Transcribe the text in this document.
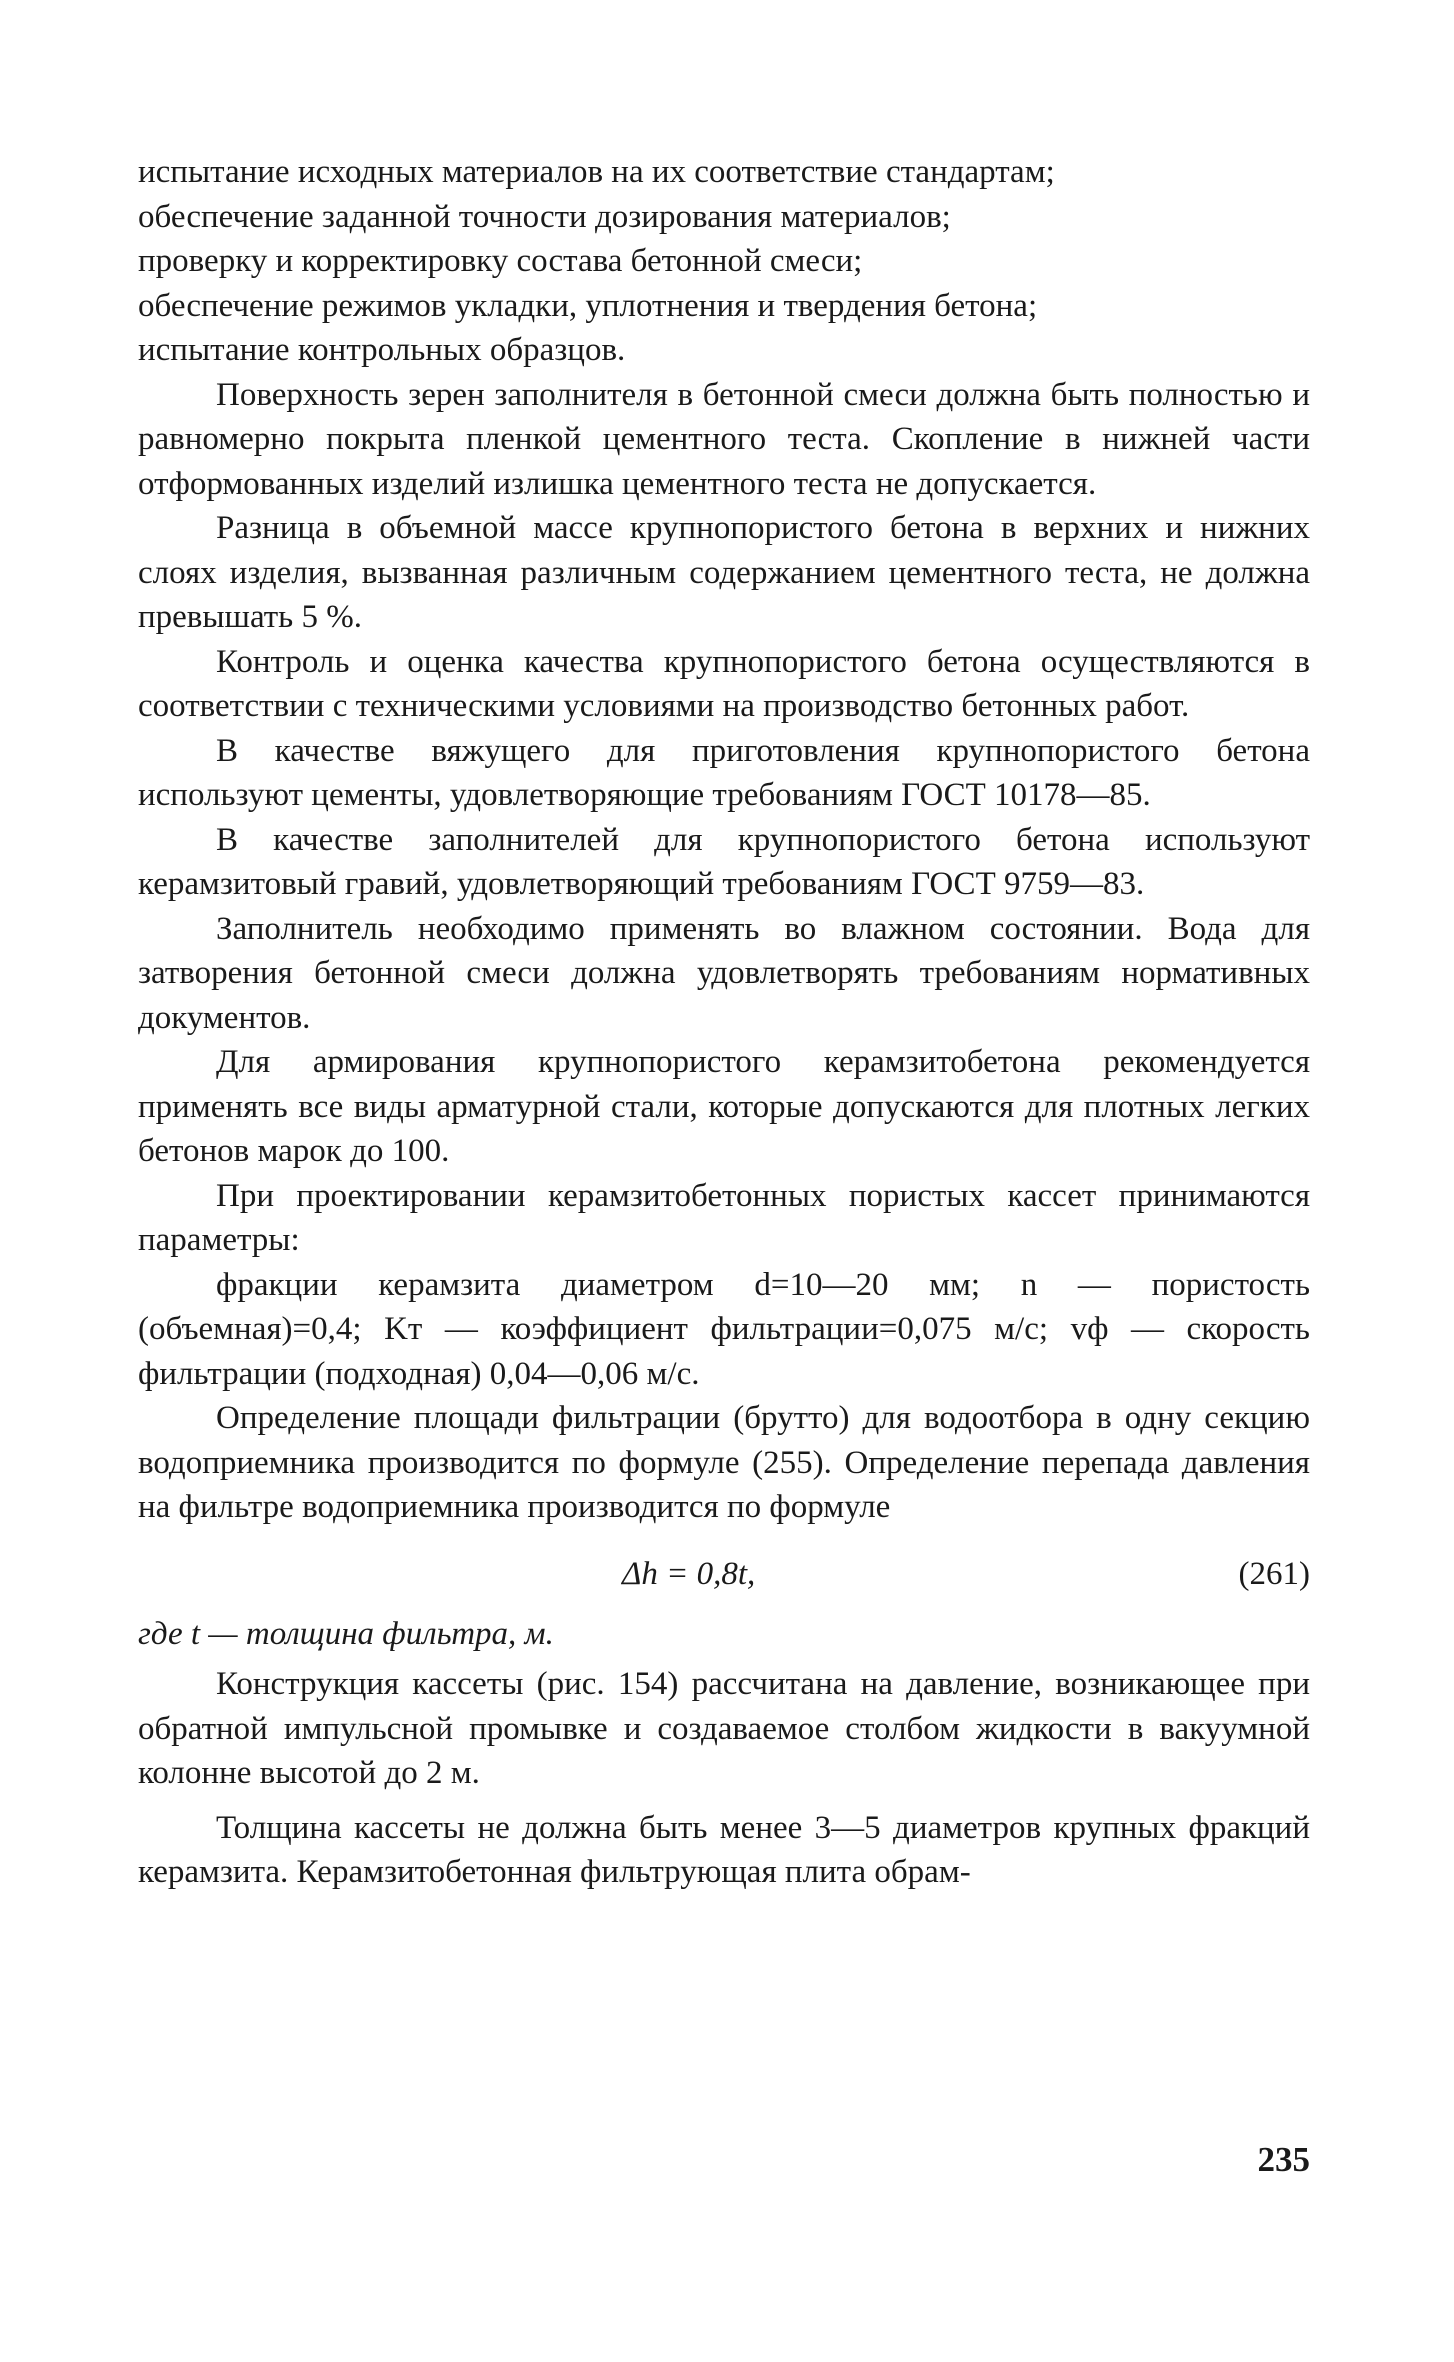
испытание исходных материалов на их соответствие стандартам;

обеспечение заданной точности дозирования материалов;

проверку и корректировку состава бетонной смеси;

обеспечение режимов укладки, уплотнения и твердения бетона;

испытание контрольных образцов.

Поверхность зерен заполнителя в бетонной смеси должна быть полностью и равномерно покрыта пленкой цементного теста. Скопление в нижней части отформованных изделий излишка цементного теста не допускается.

Разница в объемной массе крупнопористого бетона в верхних и нижних слоях изделия, вызванная различным содержанием цементного теста, не должна превышать 5 %.

Контроль и оценка качества крупнопористого бетона осуществляются в соответствии с техническими условиями на производство бетонных работ.

В качестве вяжущего для приготовления крупнопористого бетона используют цементы, удовлетворяющие требованиям ГОСТ 10178—85.

В качестве заполнителей для крупнопористого бетона используют керамзитовый гравий, удовлетворяющий требованиям ГОСТ 9759—83.

Заполнитель необходимо применять во влажном состоянии. Вода для затворения бетонной смеси должна удовлетворять требованиям нормативных документов.

Для армирования крупнопористого керамзитобетона рекомендуется применять все виды арматурной стали, которые допускаются для плотных легких бетонов марок до 100.

При проектировании керамзитобетонных пористых кассет принимаются параметры:

фракции керамзита диаметром d=10—20 мм; n — пористость (объемная)=0,4; Kт — коэффициент фильтрации=0,075 м/с; vф — скорость фильтрации (подходная) 0,04—0,06 м/с.

Определение площади фильтрации (брутто) для водоотбора в одну секцию водоприемника производится по формуле (255). Определение перепада давления на фильтре водоприемника производится по формуле

Δh = 0,8t,	(261)

где t — толщина фильтра, м.

Конструкция кассеты (рис. 154) рассчитана на давление, возникающее при обратной импульсной промывке и создаваемое столбом жидкости в вакуумной колонне высотой до 2 м.

Толщина кассеты не должна быть менее 3—5 диаметров крупных фракций керамзита. Керамзитобетонная фильтрующая плита обрам-

235
